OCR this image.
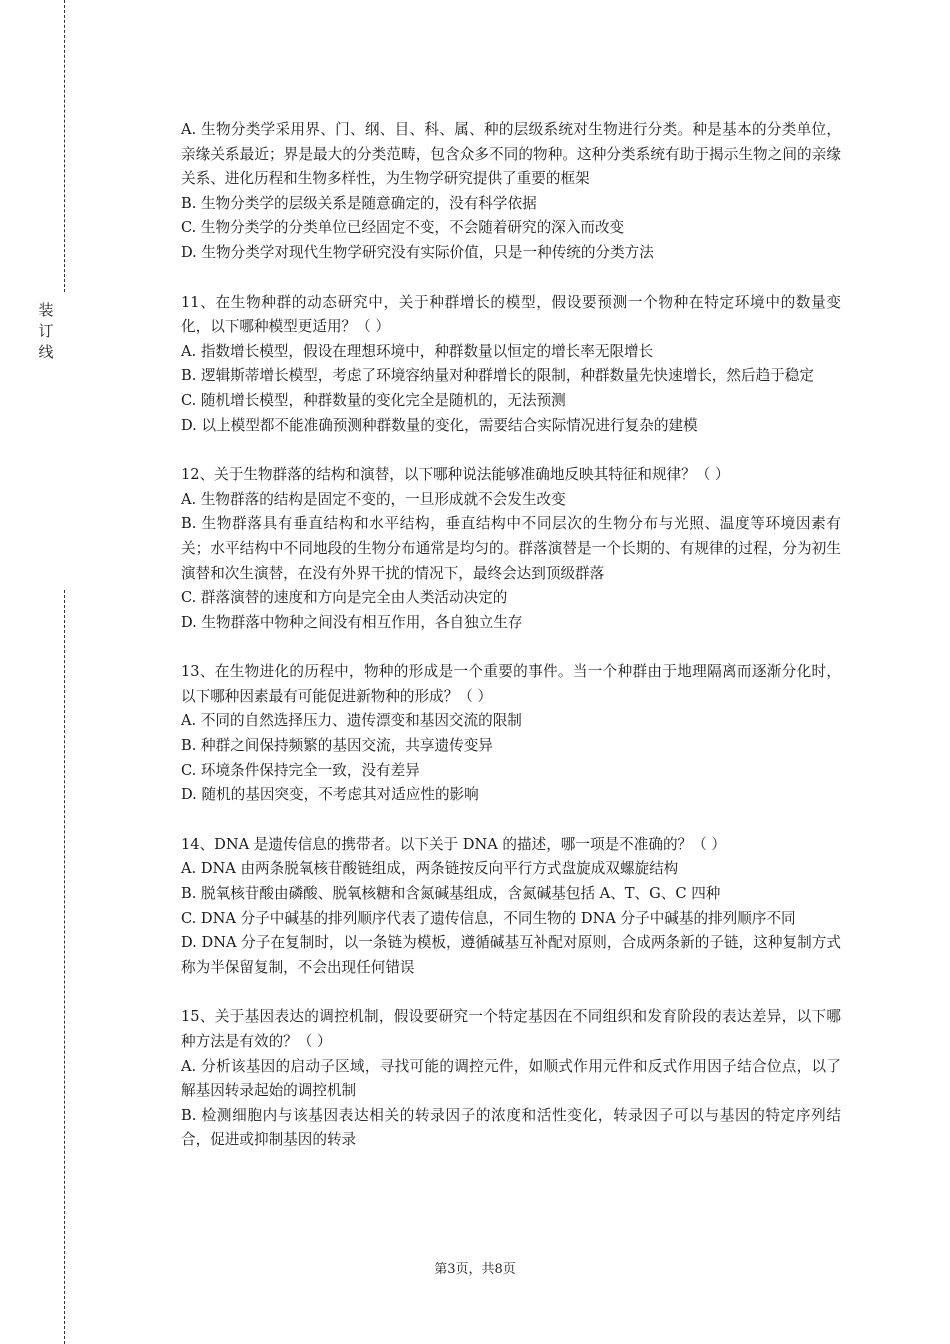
装
订
线
A. 生物分类学采用界、门、纲、目、科、属、种的层级系统对生物进行分类。种是基本的分类单位，亲缘关系最近；界是最大的分类范畴，包含众多不同的物种。这种分类系统有助于揭示生物之间的亲缘关系、进化历程和生物多样性，为生物学研究提供了重要的框架
B. 生物分类学的层级关系是随意确定的，没有科学依据
C. 生物分类学的分类单位已经固定不变，不会随着研究的深入而改变
D. 生物分类学对现代生物学研究没有实际价值，只是一种传统的分类方法
11、在生物种群的动态研究中，关于种群增长的模型，假设要预测一个物种在特定环境中的数量变化，以下哪种模型更适用？（ ）
A. 指数增长模型，假设在理想环境中，种群数量以恒定的增长率无限增长
B. 逻辑斯蒂增长模型，考虑了环境容纳量对种群增长的限制，种群数量先快速增长，然后趋于稳定
C. 随机增长模型，种群数量的变化完全是随机的，无法预测
D. 以上模型都不能准确预测种群数量的变化，需要结合实际情况进行复杂的建模
12、关于生物群落的结构和演替，以下哪种说法能够准确地反映其特征和规律？（ ）
A. 生物群落的结构是固定不变的，一旦形成就不会发生改变
B. 生物群落具有垂直结构和水平结构，垂直结构中不同层次的生物分布与光照、温度等环境因素有关；水平结构中不同地段的生物分布通常是均匀的。群落演替是一个长期的、有规律的过程，分为初生演替和次生演替，在没有外界干扰的情况下，最终会达到顶级群落
C. 群落演替的速度和方向是完全由人类活动决定的
D. 生物群落中物种之间没有相互作用，各自独立生存
13、在生物进化的历程中，物种的形成是一个重要的事件。当一个种群由于地理隔离而逐渐分化时，以下哪种因素最有可能促进新物种的形成？（ ）
A. 不同的自然选择压力、遗传漂变和基因交流的限制
B. 种群之间保持频繁的基因交流，共享遗传变异
C. 环境条件保持完全一致，没有差异
D. 随机的基因突变，不考虑其对适应性的影响
14、DNA 是遗传信息的携带者。以下关于 DNA 的描述，哪一项是不准确的？（ ）
A. DNA 由两条脱氧核苷酸链组成，两条链按反向平行方式盘旋成双螺旋结构
B. 脱氧核苷酸由磷酸、脱氧核糖和含氮碱基组成，含氮碱基包括 A、T、G、C 四种
C. DNA 分子中碱基的排列顺序代表了遗传信息，不同生物的 DNA 分子中碱基的排列顺序不同
D. DNA 分子在复制时，以一条链为模板，遵循碱基互补配对原则，合成两条新的子链，这种复制方式称为半保留复制，不会出现任何错误
15、关于基因表达的调控机制，假设要研究一个特定基因在不同组织和发育阶段的表达差异，以下哪种方法是有效的？（ ）
A. 分析该基因的启动子区域，寻找可能的调控元件，如顺式作用元件和反式作用因子结合位点，以了解基因转录起始的调控机制
B. 检测细胞内与该基因表达相关的转录因子的浓度和活性变化，转录因子可以与基因的特定序列结合，促进或抑制基因的转录
第3页，共8页
